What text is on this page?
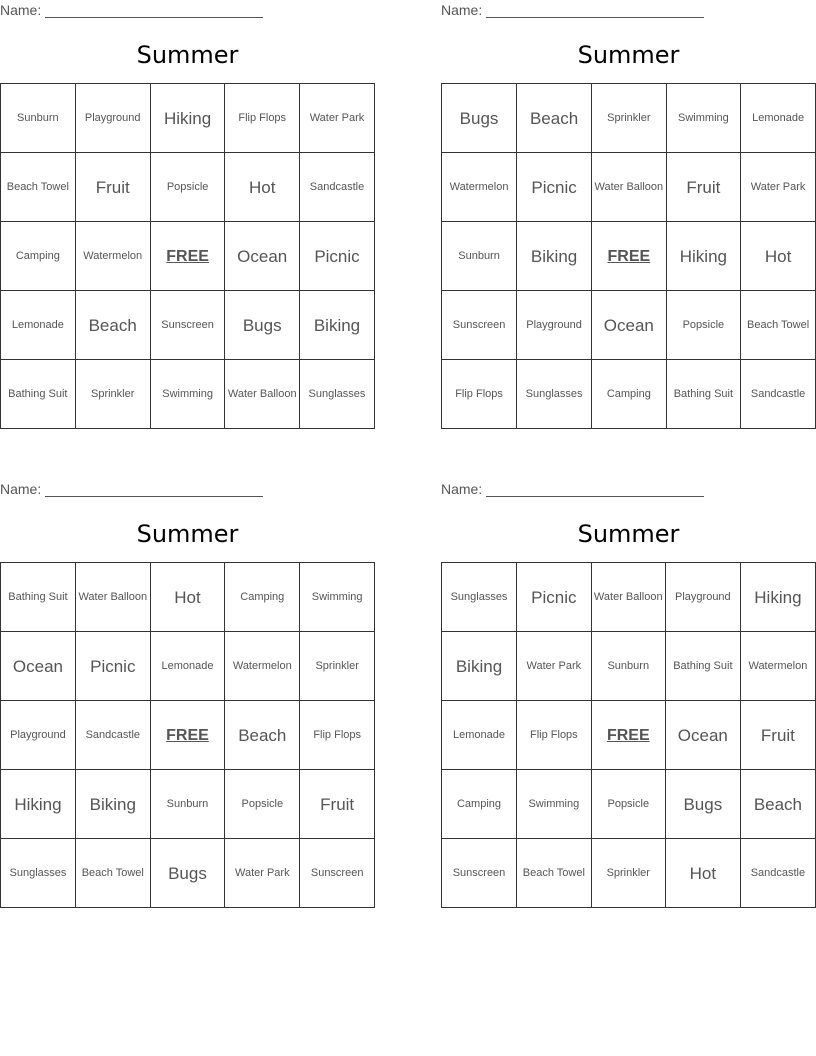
Name:
Summer
Sunburn	Playground	Hiking	Flip Flops	Water Park
Beach Towel	Fruit	Popsicle	Hot	Sandcastle
Camping	Watermelon	FREE	Ocean	Picnic
Lemonade	Beach	Sunscreen	Bugs	Biking
Bathing Suit	Sprinkler	Swimming	Water Balloon	Sunglasses
Name:
Summer
Bugs	Beach	Sprinkler	Swimming	Lemonade
Watermelon	Picnic	Water Balloon	Fruit	Water Park
Sunburn	Biking	FREE	Hiking	Hot
Sunscreen	Playground	Ocean	Popsicle	Beach Towel
Flip Flops	Sunglasses	Camping	Bathing Suit	Sandcastle
Name:
Summer
Bathing Suit	Water Balloon	Hot	Camping	Swimming
Ocean	Picnic	Lemonade	Watermelon	Sprinkler
Playground	Sandcastle	FREE	Beach	Flip Flops
Hiking	Biking	Sunburn	Popsicle	Fruit
Sunglasses	Beach Towel	Bugs	Water Park	Sunscreen
Name:
Summer
Sunglasses	Picnic	Water Balloon	Playground	Hiking
Biking	Water Park	Sunburn	Bathing Suit	Watermelon
Lemonade	Flip Flops	FREE	Ocean	Fruit
Camping	Swimming	Popsicle	Bugs	Beach
Sunscreen	Beach Towel	Sprinkler	Hot	Sandcastle
